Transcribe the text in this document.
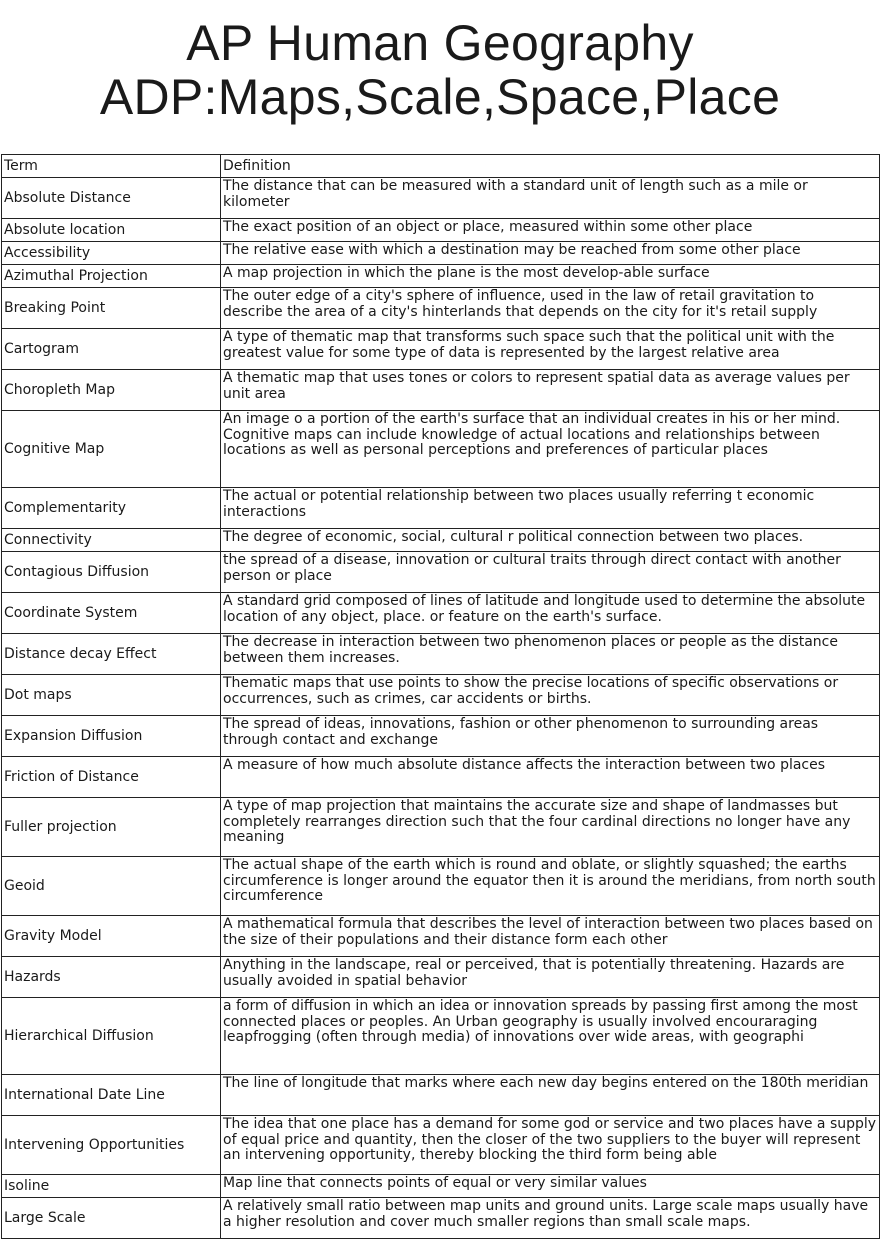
AP Human Geography
ADP:Maps,Scale,Space,Place
Term	Definition
Absolute Distance	The distance that can be measured with a standard unit of length such as a mile or kilometer
Absolute location	The exact position of an object or place, measured within some other place
Accessibility	The relative ease with which a destination may be reached from some other place
Azimuthal Projection	A map projection in which the plane is the most develop-able surface
Breaking Point	The outer edge of a city's sphere of influence, used in the law of retail gravitation to describe the area of a city's hinterlands that depends on the city for it's retail supply
Cartogram	A type of thematic map that transforms such space such that the political unit with the greatest value for some type of data is represented by the largest relative area
Choropleth Map	A thematic map that uses tones or colors to represent spatial data as average values per unit area
Cognitive Map	An image o a portion of the earth's surface that an individual creates in his or her mind. Cognitive maps can include knowledge of actual locations and relationships between locations as well as personal perceptions and preferences of particular places
Complementarity	The actual or potential relationship between two places usually referring t economic interactions
Connectivity	The degree of economic, social, cultural r political connection between two places.
Contagious Diffusion	the spread of a disease, innovation or cultural traits through direct contact with another person or place
Coordinate System	A standard grid composed of lines of latitude and longitude used to determine the absolute location of any object, place. or feature on the earth's surface.
Distance decay Effect	The decrease in interaction between two phenomenon places or people as the distance between them increases.
Dot maps	Thematic maps that use points to show the precise locations of specific observations or occurrences, such as crimes, car accidents or births.
Expansion Diffusion	The spread of ideas, innovations, fashion or other phenomenon to surrounding areas through contact and exchange
Friction of Distance	A measure of how much absolute distance affects the interaction between two places
Fuller projection	A type of map projection that maintains the accurate size and shape of landmasses but completely rearranges direction such that the four cardinal directions no longer have any meaning
Geoid	The actual shape of the earth which is round and oblate, or slightly squashed; the earths circumference is longer around the equator then it is around the meridians, from north south circumference
Gravity Model	A mathematical formula that describes the level of interaction between two places based on the size of their populations and their distance form each other
Hazards	Anything in the landscape, real or perceived, that is potentially threatening. Hazards are usually avoided in spatial behavior
Hierarchical Diffusion	a form of diffusion in which an idea or innovation spreads by passing first among the most connected places or peoples. An Urban geography is usually involved encouraraging leapfrogging (often through media) of innovations over wide areas, with geographi
International Date Line	The line of longitude that marks where each new day begins entered on the 180th meridian
Intervening Opportunities	The idea that one place has a demand for some god or service and two places have a supply of equal price and quantity, then the closer of the two suppliers to the buyer will represent an intervening opportunity, thereby blocking the third form being able
Isoline	Map line that connects points of equal or very similar values
Large Scale	A relatively small ratio between map units and ground units. Large scale maps usually have a higher resolution and cover much smaller regions than small scale maps.
